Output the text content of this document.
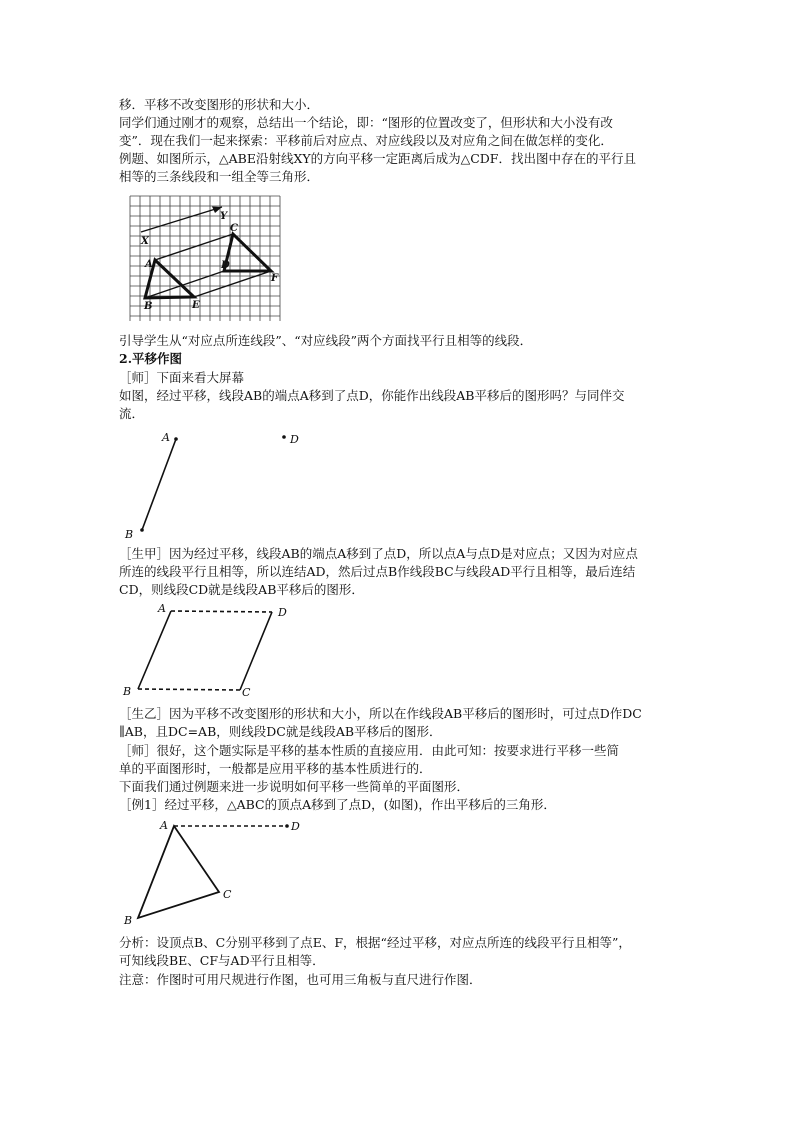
移．平移不改变图形的形状和大小．
同学们通过刚才的观察，总结出一个结论，即：“图形的位置改变了，但形状和大小没有改
变”．现在我们一起来探索：平移前后对应点、对应线段以及对应角之间在做怎样的变化．
例题、如图所示，△ABE沿射线XY的方向平移一定距离后成为△CDF．找出图中存在的平行且
相等的三条线段和一组全等三角形．
X
Y
A
B
C
D
E
F
引导学生从“对应点所连线段”、“对应线段”两个方面找平行且相等的线段．
2.平移作图
［师］下面来看大屏幕
如图，经过平移，线段AB的端点A移到了点D，你能作出线段AB平移后的图形吗？与同伴交
流．
A
B
D
A
B	C
D
A
B
C
D
［生甲］因为经过平移，线段AB的端点A移到了点D，所以点A与点D是对应点；又因为对应点
所连的线段平行且相等，所以连结AD，然后过点B作线段BC与线段AD平行且相等，最后连结
CD，则线段CD就是线段AB平移后的图形．
［生乙］因为平移不改变图形的形状和大小，所以在作线段AB平移后的图形时，可过点D作DC
∥AB，且DC=AB，则线段DC就是线段AB平移后的图形．
［师］很好，这个题实际是平移的基本性质的直接应用．由此可知：按要求进行平移一些简
单的平面图形时，一般都是应用平移的基本性质进行的．
下面我们通过例题来进一步说明如何平移一些简单的平面图形．
［例1］经过平移，△ABC的顶点A移到了点D，(如图)，作出平移后的三角形．
分析：设顶点B、C分别平移到了点E、F，根据“经过平移，对应点所连的线段平行且相等”，
可知线段BE、CF与AD平行且相等．
注意：作图时可用尺规进行作图，也可用三角板与直尺进行作图．
